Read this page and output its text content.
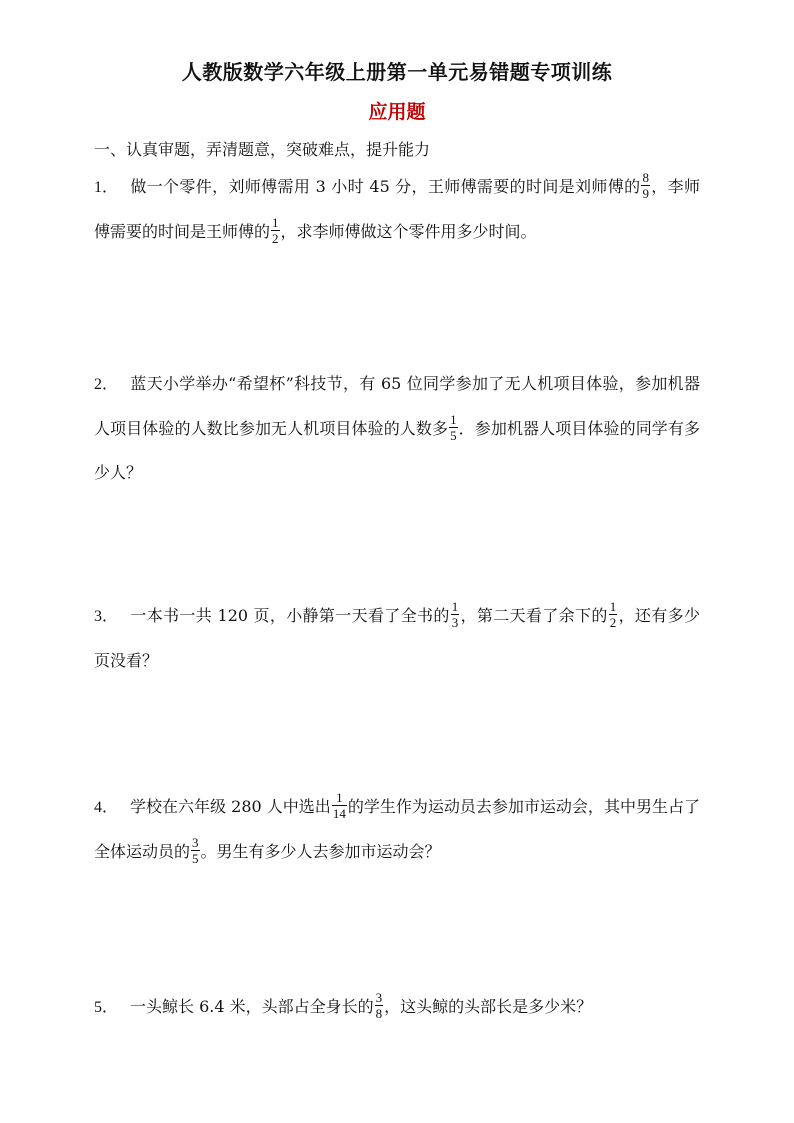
人教版数学六年级上册第一单元易错题专项训练
应用题
一、认真审题，弄清题意，突破难点，提升能力
1． 做一个零件，刘师傅需用 3 小时 45 分，王师傅需要的时间是刘师傅的 $\frac{8}{9}$ ，李师傅需要的时间是王师傅的 $\frac{1}{2}$ ，求李师傅做这个零件用多少时间。
2． 蓝天小学举办“希望杯”科技节，有 65 位同学参加了无人机项目体验，参加机器人项目体验的人数比参加无人机项目体验的人数多 $\frac{1}{5}$ ．参加机器人项目体验的同学有多少人？
3． 一本书一共 120 页，小静第一天看了全书的 $\frac{1}{3}$ ，第二天看了余下的 $\frac{1}{2}$ ，还有多少页没看？
4． 学校在六年级 280 人中选出 $\frac{1}{14}$ 的学生作为运动员去参加市运动会，其中男生占了全体运动员的 $\frac{3}{5}$ 。男生有多少人去参加市运动会？
5． 一头鲸长 6.4 米，头部占全身长的 $\frac{3}{8}$ ，这头鲸的头部长是多少米？
